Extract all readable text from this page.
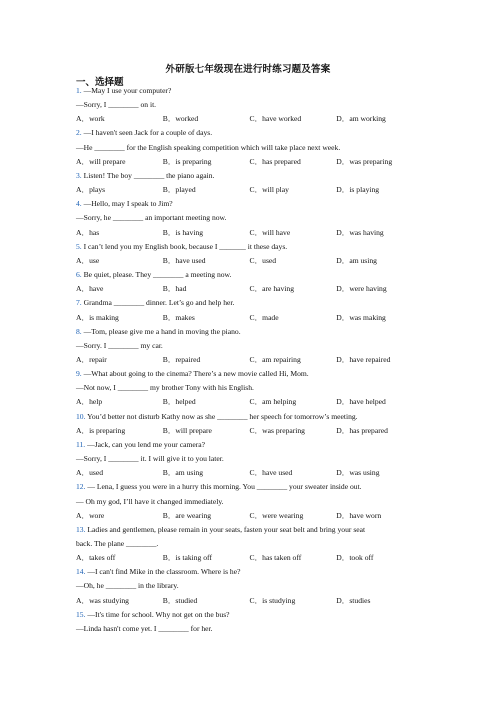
外研版七年级现在进行时练习题及答案
一、选择题
1. —May I use your computer?
—Sorry, I ________ on it.
A．work	B．worked	C．have worked	D．am working
2. —I haven't seen Jack for a couple of days.
—He ________ for the English speaking competition which will take place next week.
A．will prepare	B．is preparing	C．has prepared	D．was preparing
3. Listen! The boy ________ the piano again.
A．plays	B．played	C．will play	D．is playing
4. —Hello, may I speak to Jim?
—Sorry, he ________ an important meeting now.
A．has	B．is having	C．will have	D．was having
5. I can’t lend you my English book, because I _______ it these days.
A．use	B．have used	C．used	D．am using
6. Be quiet, please. They ________ a meeting now.
A．have	B．had	C．are having	D．were having
7. Grandma ________ dinner. Let’s go and help her.
A．is making	B．makes	C．made	D．was making
8. —Tom, please give me a hand in moving the piano.
—Sorry. I ________ my car.
A．repair	B．repaired	C．am repairing	D．have repaired
9. —What about going to the cinema? There’s a new movie called Hi, Mom.
—Not now, I ________ my brother Tony with his English.
A．help	B．helped	C．am helping	D．have helped
10. You’d better not disturb Kathy now as she ________ her speech for tomorrow’s meeting.
A．is preparing	B．will prepare	C．was preparing	D．has prepared
11. —Jack, can you lend me your camera?
—Sorry, I ________ it. I will give it to you later.
A．used	B．am using	C．have used	D．was using
12. — Lena, I guess you were in a hurry this morning. You ________ your sweater inside out.
— Oh my god, I’ll have it changed immediately.
A．wore	B．are wearing	C．were wearing	D．have worn
13. Ladies and gentlemen, please remain in your seats, fasten your seat belt and bring your seat
back. The plane ________.
A．takes off	B．is taking off	C．has taken off	D．took off
14. —I can't find Mike in the classroom. Where is he?
—Oh, he ________ in the library.
A．was studying	B．studied	C．is studying	D．studies
15. —It's time for school. Why not get on the bus?
—Linda hasn't come yet. I ________ for her.
